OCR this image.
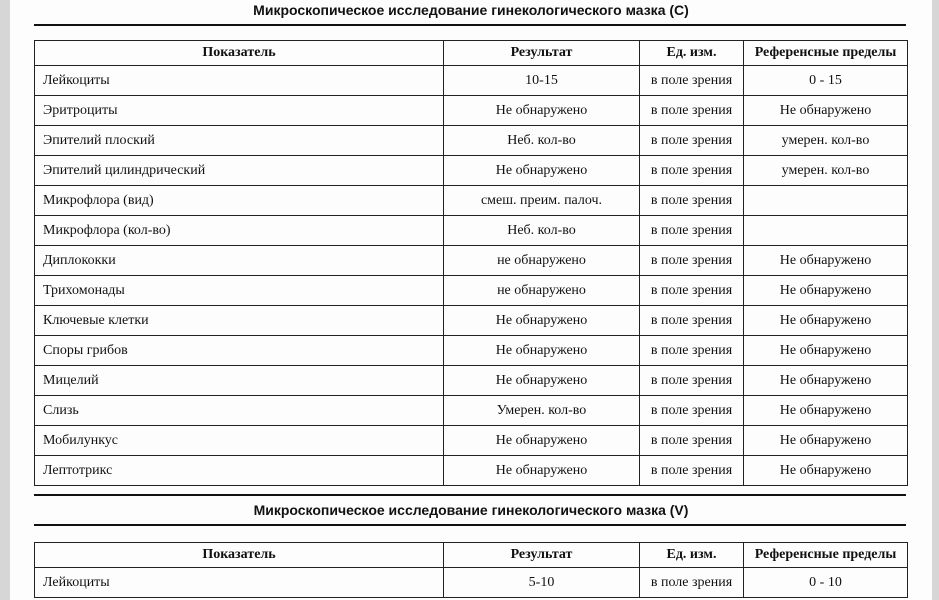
Микроскопическое исследование гинекологического мазка (С)
Показатель	Результат	Ед. изм.	Референсные пределы
Лейкоциты	10-15	в поле зрения	0 - 15
Эритроциты	Не обнаружено	в поле зрения	Не обнаружено
Эпителий плоский	Неб. кол-во	в поле зрения	умерен. кол-во
Эпителий цилиндрический	Не обнаружено	в поле зрения	умерен. кол-во
Микрофлора (вид)	смеш. преим. палоч.	в поле зрения	
Микрофлора (кол-во)	Неб. кол-во	в поле зрения	
Диплококки	не обнаружено	в поле зрения	Не обнаружено
Трихомонады	не обнаружено	в поле зрения	Не обнаружено
Ключевые клетки	Не обнаружено	в поле зрения	Не обнаружено
Споры грибов	Не обнаружено	в поле зрения	Не обнаружено
Мицелий	Не обнаружено	в поле зрения	Не обнаружено
Слизь	Умерен. кол-во	в поле зрения	Не обнаружено
Мобилункус	Не обнаружено	в поле зрения	Не обнаружено
Лептотрикс	Не обнаружено	в поле зрения	Не обнаружено
Микроскопическое исследование гинекологического мазка (V)
Показатель	Результат	Ед. изм.	Референсные пределы
Лейкоциты	5-10	в поле зрения	0 - 10
